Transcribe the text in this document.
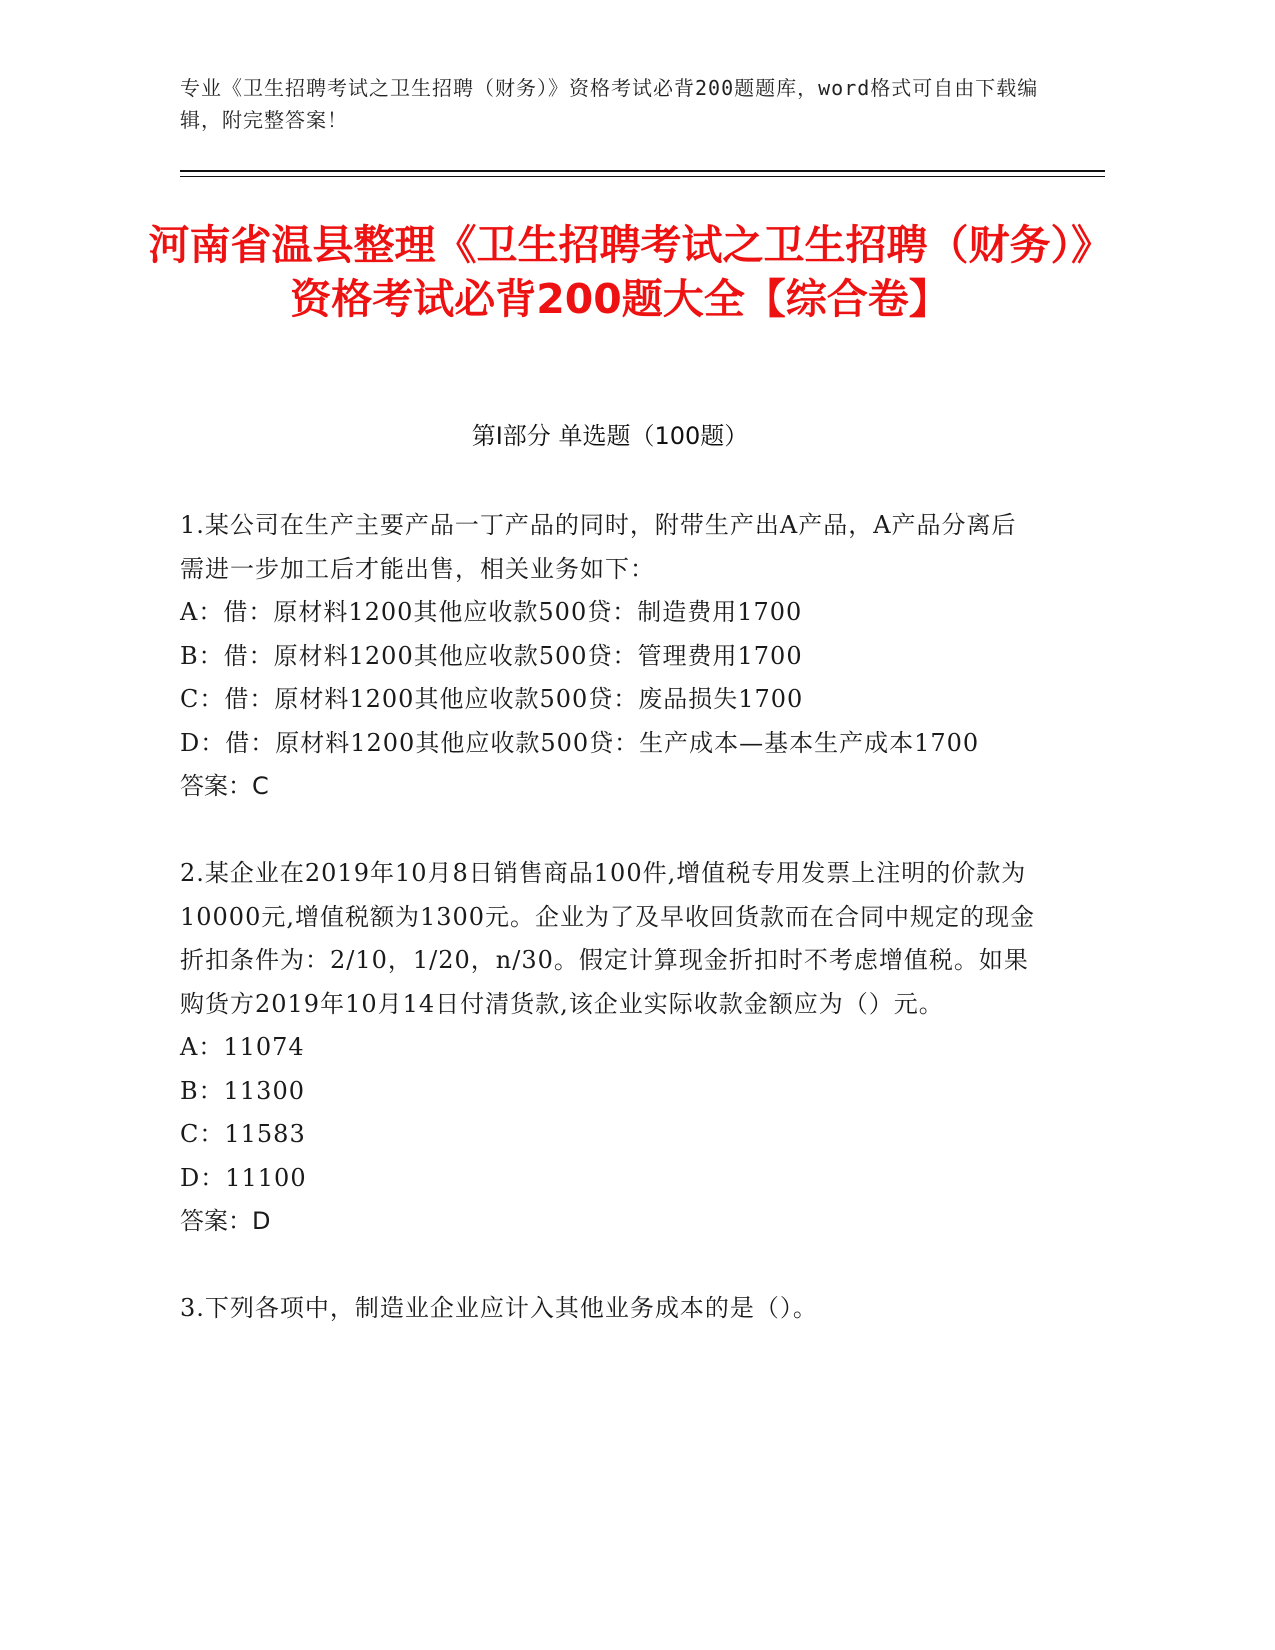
专业《卫生招聘考试之卫生招聘（财务）》资格考试必背200题题库，word格式可自由下载编辑，附完整答案！
河南省温县整理《卫生招聘考试之卫生招聘（财务）》资格考试必背200题大全【综合卷】
第I部分 单选题（100题）
1.某公司在生产主要产品一丁产品的同时，附带生产出A产品，A产品分离后需进一步加工后才能出售，相关业务如下：
A：借：原材料1200其他应收款500贷：制造费用1700
B：借：原材料1200其他应收款500贷：管理费用1700
C：借：原材料1200其他应收款500贷：废品损失1700
D：借：原材料1200其他应收款500贷：生产成本—基本生产成本1700
答案：C
2.某企业在2019年10月8日销售商品100件,增值税专用发票上注明的价款为10000元,增值税额为1300元。企业为了及早收回货款而在合同中规定的现金折扣条件为：2/10，1/20，n/30。假定计算现金折扣时不考虑增值税。如果购货方2019年10月14日付清货款,该企业实际收款金额应为（）元。
A：11074
B：11300
C：11583
D：11100
答案：D
3.下列各项中，制造业企业应计入其他业务成本的是（）。
